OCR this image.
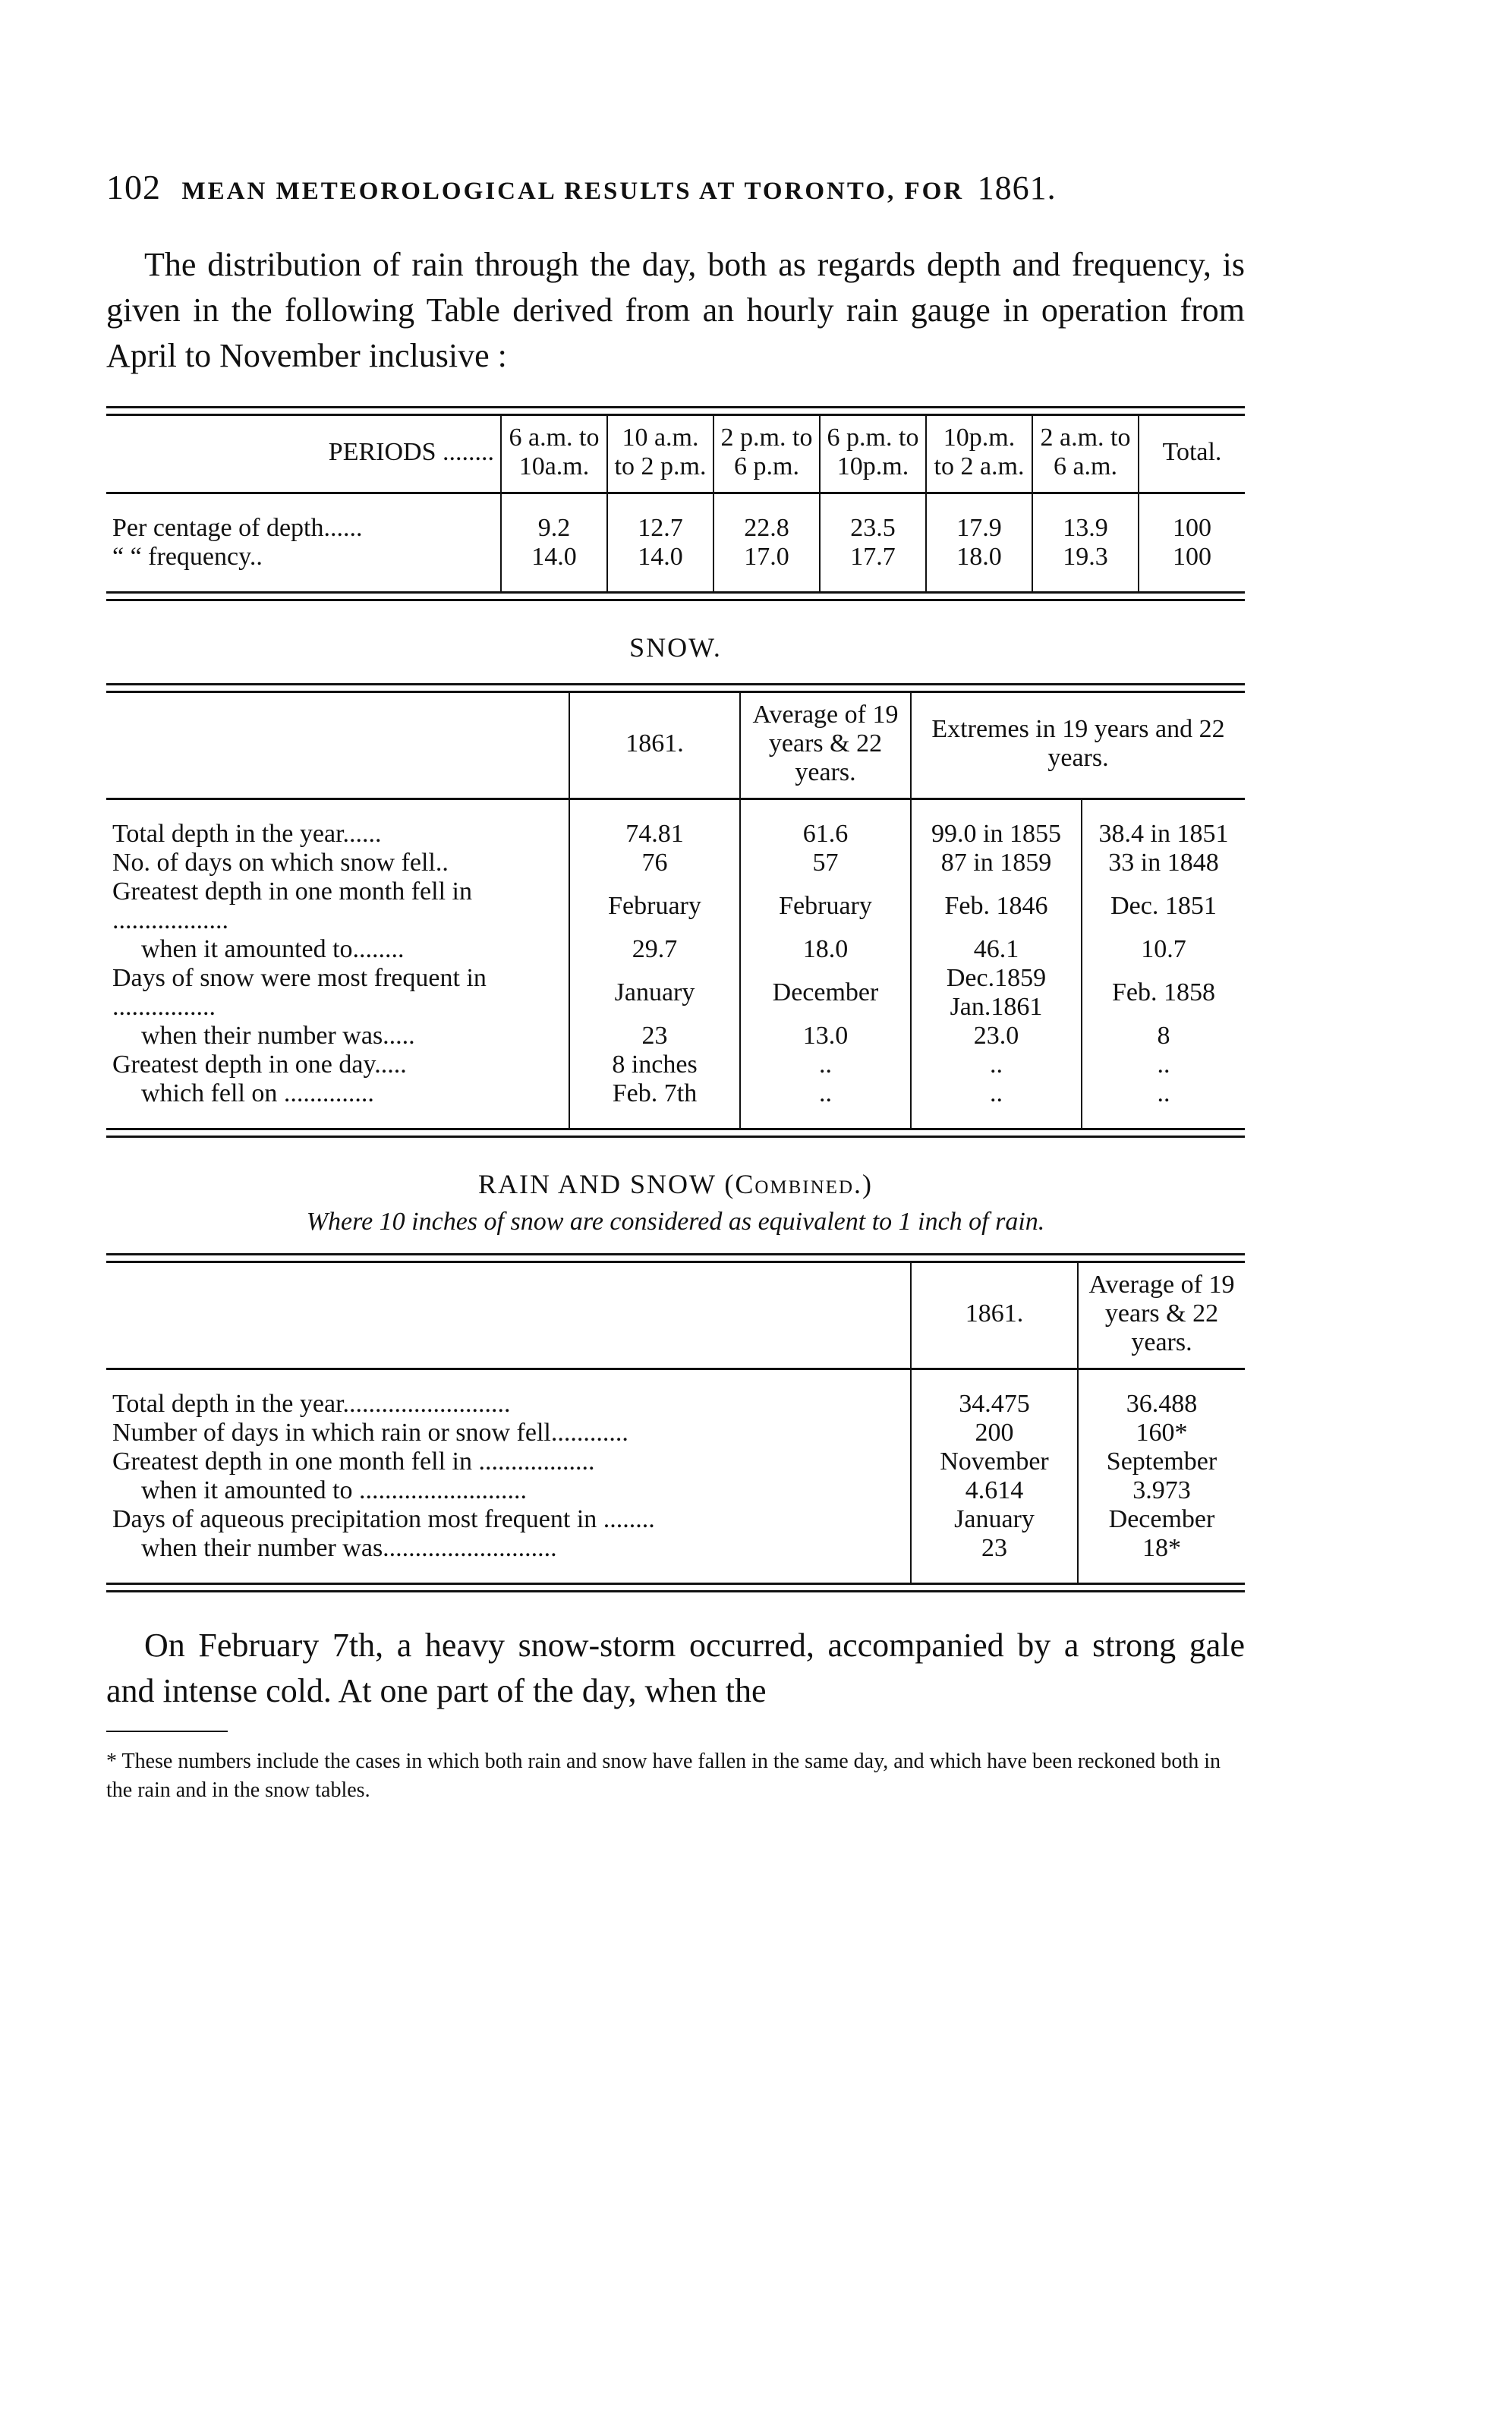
102 MEAN METEOROLOGICAL RESULTS AT TORONTO, FOR 1861.

The distribution of rain through the day, both as regards depth and frequency, is given in the following Table derived from an hourly rain gauge in operation from April to November inclusive :

PERIODS ........	6 a.m. to 10a.m.	10 a.m. to 2 p.m.	2 p.m. to 6 p.m.	6 p.m. to 10p.m.	10p.m. to 2 a.m.	2 a.m. to 6 a.m.	Total.

Per centage of depth......	9.2	12.7	22.8	23.5	17.9	13.9	100
“ “ frequency..	14.0	14.0	17.0	17.7	18.0	19.3	100

SNOW.
	1861.	Average of 19 years & 22 years.	Extremes in 19 years and 22 years.	

Total depth in the year......	74.81	61.6	99.0 in 1855	38.4 in 1851
No. of days on which snow fell..	76	57	87 in 1859	33 in 1848
Greatest depth in one month fell in ..................	February	February	Feb. 1846	Dec. 1851
when it amounted to........	29.7	18.0	46.1	10.7
Days of snow were most frequent in ................	January	December	Dec.1859 Jan.1861	Feb. 1858
when their number was.....	23	13.0	23.0	8
Greatest depth in one day.....	8 inches	..	..	..
which fell on ..............	Feb. 7th	..	..	..

RAIN AND SNOW (Combined.)
Where 10 inches of snow are considered as equivalent to 1 inch of rain.
	1861.	Average of 19 years & 22 years.

Total depth in the year..........................	34.475	36.488
Number of days in which rain or snow fell............	200	160*
Greatest depth in one month fell in ..................	November	September
when it amounted to ..........................	4.614	3.973
Days of aqueous precipitation most frequent in ........	January	December
when their number was...........................	23	18*

On February 7th, a heavy snow-storm occurred, accompanied by a strong gale and intense cold. At one part of the day, when the

* These numbers include the cases in which both rain and snow have fallen in the same day, and which have been reckoned both in the rain and in the snow tables.
